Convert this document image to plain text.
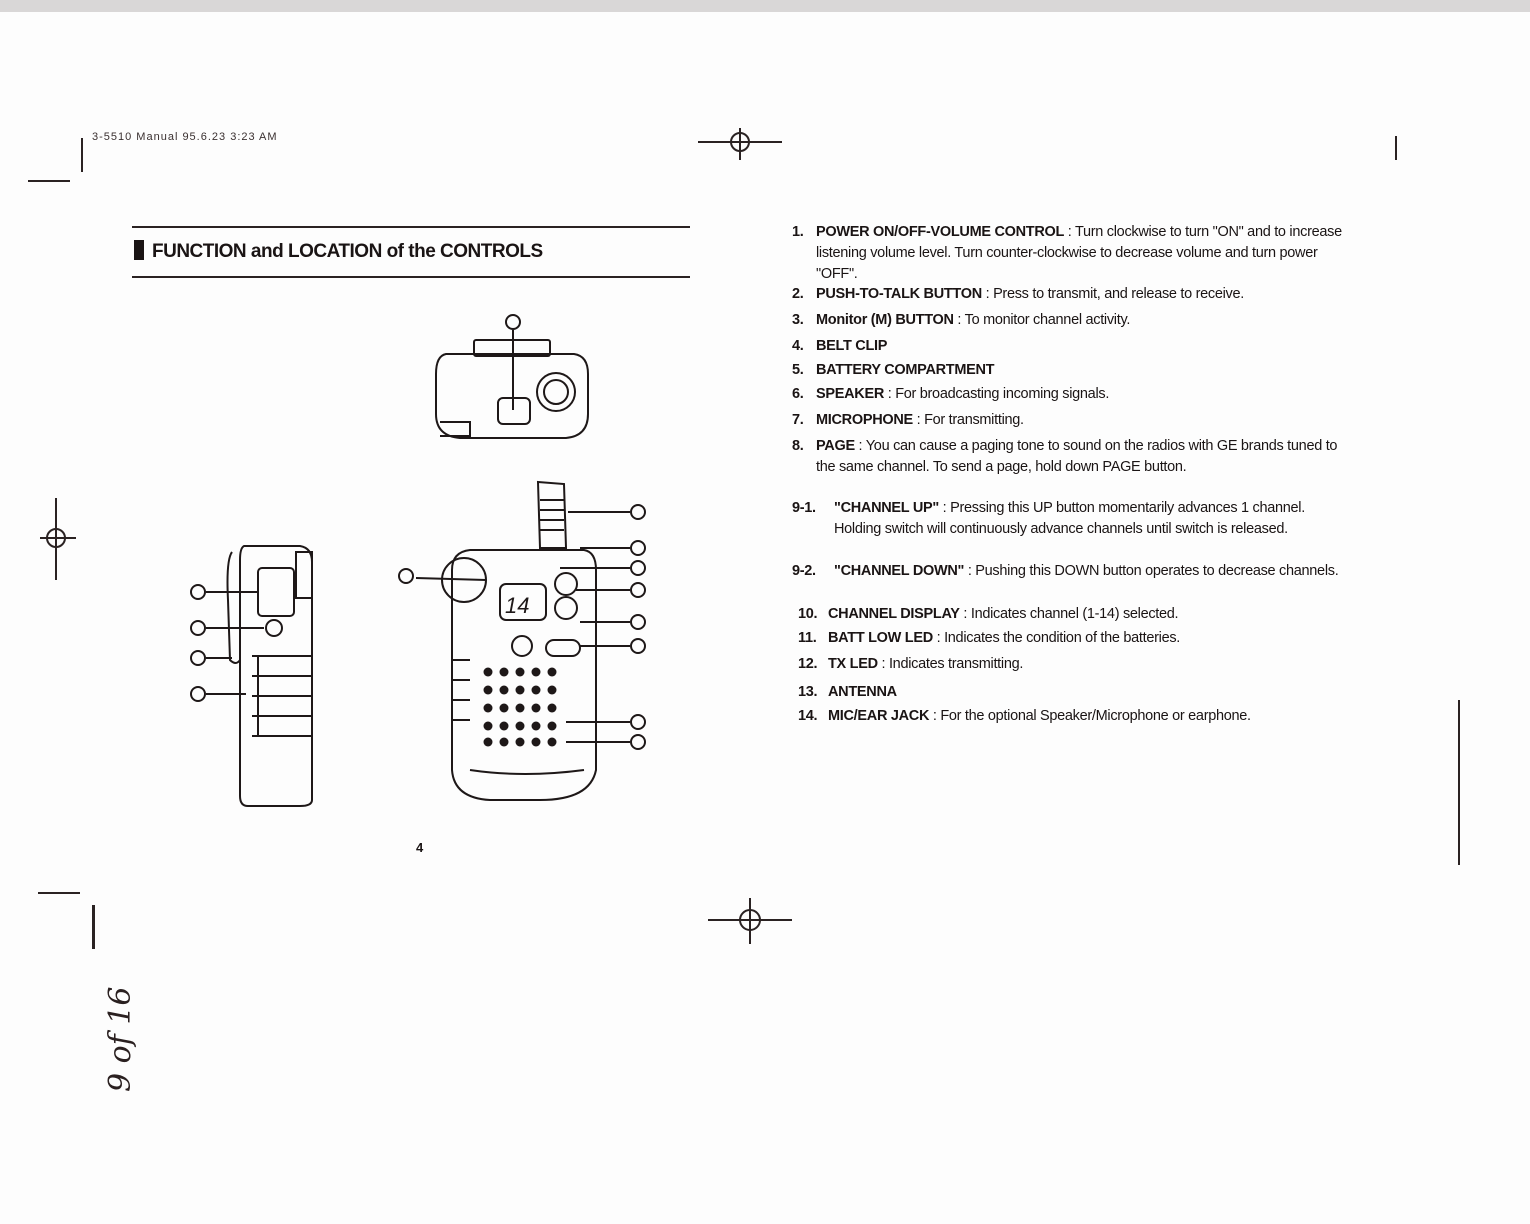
3-5510 Manual 95.6.23 3:23 AM
FUNCTION and LOCATION of the CONTROLS
14
4
9 of 16
1. POWER ON/OFF-VOLUME CONTROL : Turn clockwise to turn "ON" and to increase listening volume level. Turn counter-clockwise to decrease volume and turn power "OFF".
2. PUSH-TO-TALK BUTTON : Press to transmit, and release to receive.
3. Monitor (M) BUTTON : To monitor channel activity.
4. BELT CLIP
5. BATTERY COMPARTMENT
6. SPEAKER : For broadcasting incoming signals.
7. MICROPHONE : For transmitting.
8. PAGE : You can cause a paging tone to sound on the radios with GE brands tuned to the same channel. To send a page, hold down PAGE button.
9-1. "CHANNEL UP" : Pressing this UP button momentarily advances 1 channel. Holding switch will continuously advance channels until switch is released.
9-2. "CHANNEL DOWN" : Pushing this DOWN button operates to decrease channels.
10. CHANNEL DISPLAY : Indicates channel (1-14) selected.
11. BATT LOW LED : Indicates the condition of the batteries.
12. TX LED : Indicates transmitting.
13. ANTENNA
14. MIC/EAR JACK : For the optional Speaker/Microphone or earphone.
